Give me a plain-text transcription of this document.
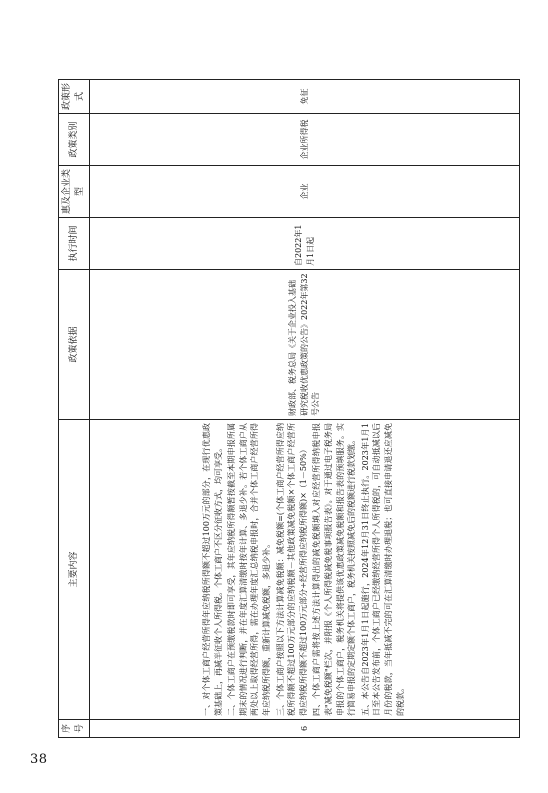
序号	主要内容	政策依据	执行时间	惠及企业类型	政策类别	政策形式
6	一、对个体工商户经营所得年应纳税所得额不超过100万元的部分，在现行优惠政策基础上，再减半征收个人所得税。个体工商户不区分征收方式，均可享受。 二、个体工商户在预缴税款时即可享受，其年应纳税所得额暂按截至本期申报所属期末的情况进行判断，并在年度汇算清缴时按年计算、多退少补。若个体工商户从两处以上取得经营所得，需在办理年度汇总纳税申报时，合并个体工商户经营所得年应纳税所得额，重新计算减免税额，多退少补。 三、个体工商户按照以下方法计算减免税额：减免税额=(个体工商户经营所得应纳税所得额不超过100万元部分的应纳税额－其他政策减免税额×个体工商户经营所得应纳税所得额不超过100万元部分÷经营所得应纳税所得额)×（1－50%） 四、个体工商户需将按上述方法计算得出的减免税额填入对应经营所得纳税申报表"减免税额"栏次，并附报《个人所得税减免税事项报告表》。对于通过电子税务局申报的个体工商户，税务机关将提供该优惠政策减免税额和报告表的预填服务。实行简易申报的定期定额个体工商户，税务机关按照减免后的税额进行税款划缴。 五、本公告自2023年1月1日起施行，2024年12月31日终止执行。2023年1月1日至本公告发布前，个体工商户已经缴纳经营所得个人所得税的，可自动抵减以后月份的税款，当年抵减不完的可在汇算清缴时办理退税；也可直接申请退还应减免的税款。	财政部、税务总局《关于企业投入基础研究税收优惠政策的公告》2022年第32号公告	自2022年1月1日起	企业	企业所得税	免征
38
